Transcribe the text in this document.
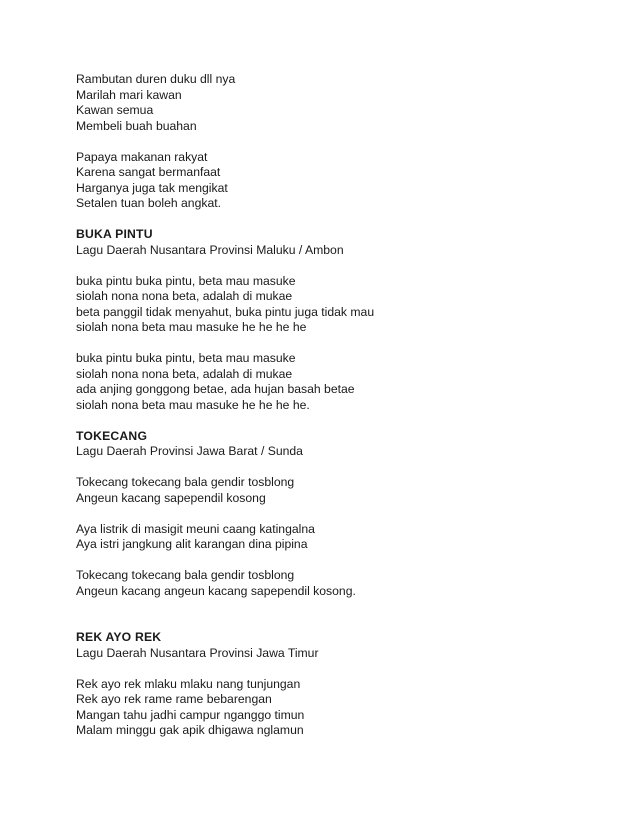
Rambutan duren duku dll nya

Marilah mari kawan

Kawan semua

Membeli buah buahan

Papaya makanan rakyat

Karena sangat bermanfaat

Harganya juga tak mengikat

Setalen tuan boleh angkat.

BUKA PINTU

Lagu Daerah Nusantara Provinsi Maluku / Ambon

buka pintu buka pintu, beta mau masuke

siolah nona nona beta, adalah di mukae

beta panggil tidak menyahut, buka pintu juga tidak mau

siolah nona beta mau masuke he he he he

buka pintu buka pintu, beta mau masuke

siolah nona nona beta, adalah di mukae

ada anjing gonggong betae, ada hujan basah betae

siolah nona beta mau masuke he he he he.

TOKECANG

Lagu Daerah Provinsi Jawa Barat / Sunda

Tokecang tokecang bala gendir tosblong

Angeun kacang sapependil kosong

Aya listrik di masigit meuni caang katingalna

Aya istri jangkung alit karangan dina pipina

Tokecang tokecang bala gendir tosblong

Angeun kacang angeun kacang sapependil kosong.

REK AYO REK

Lagu Daerah Nusantara Provinsi Jawa Timur

Rek ayo rek mlaku mlaku nang tunjungan

Rek ayo rek rame rame bebarengan

Mangan tahu jadhi campur nganggo timun

Malam minggu gak apik dhigawa nglamun
